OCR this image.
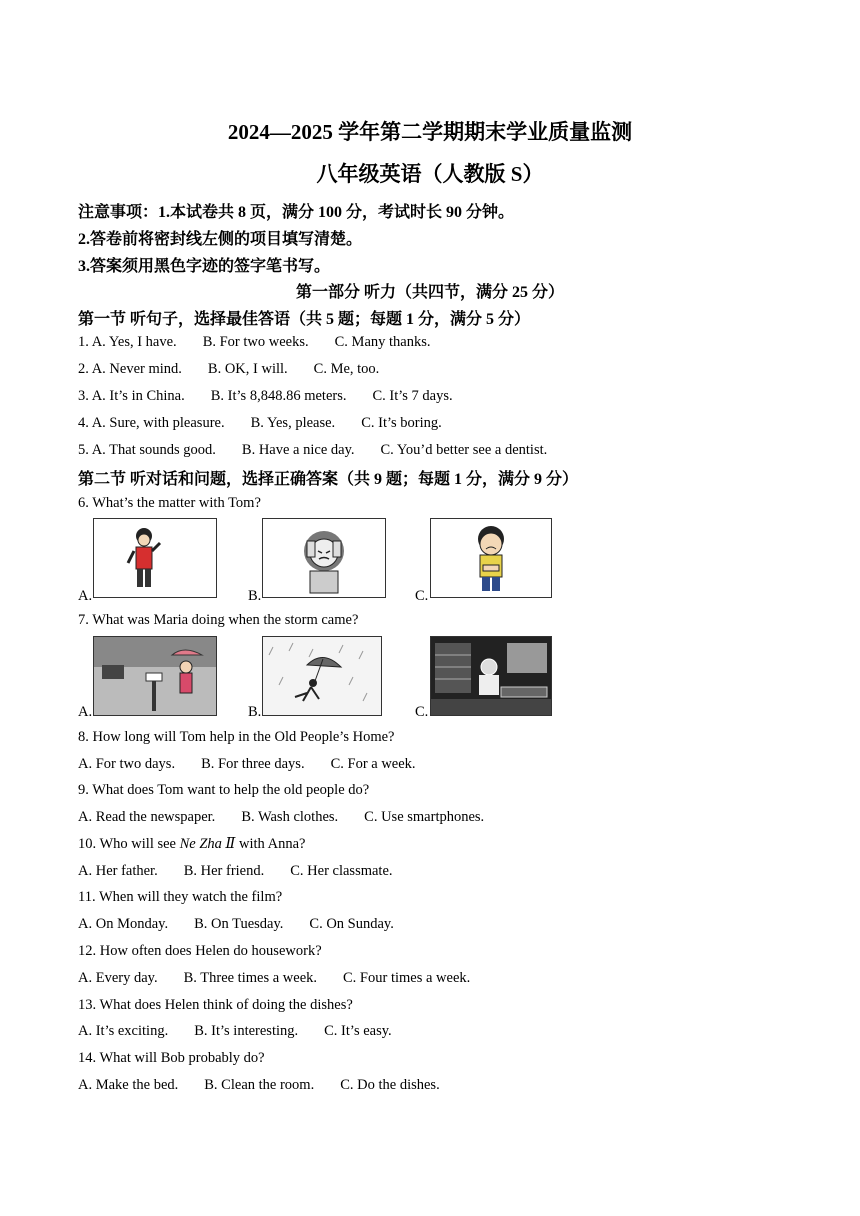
2024—2025 学年第二学期期末学业质量监测
八年级英语（人教版 S）
注意事项：1.本试卷共 8 页，满分 100 分，考试时长 90 分钟。
2.答卷前将密封线左侧的项目填写清楚。
3.答案须用黑色字迹的签字笔书写。
第一部分 听力（共四节，满分 25 分）
第一节 听句子，选择最佳答语（共 5 题；每题 1 分，满分 5 分）
1. A. Yes, I have. B. For two weeks. C. Many thanks.
2. A. Never mind. B. OK, I will. C. Me, too.
3. A. It’s in China. B. It’s 8,848.86 meters. C. It’s 7 days.
4. A. Sure, with pleasure. B. Yes, please. C. It’s boring.
5. A. That sounds good. B. Have a nice day. C. You’d better see a dentist.
第二节 听对话和问题，选择正确答案（共 9 题；每题 1 分，满分 9 分）
6. What’s the matter with Tom?
A.	B.	C.
7. What was Maria doing when the storm came?
A.	B.	C.
8. How long will Tom help in the Old People’s Home?
A. For two days. B. For three days. C. For a week.
9. What does Tom want to help the old people do?
A. Read the newspaper. B. Wash clothes. C. Use smartphones.
10. Who will see Ne Zha Ⅱ with Anna?
A. Her father. B. Her friend. C. Her classmate.
11. When will they watch the film?
A. On Monday. B. On Tuesday. C. On Sunday.
12. How often does Helen do housework?
A. Every day. B. Three times a week. C. Four times a week.
13. What does Helen think of doing the dishes?
A. It’s exciting. B. It’s interesting. C. It’s easy.
14. What will Bob probably do?
A. Make the bed. B. Clean the room. C. Do the dishes.
